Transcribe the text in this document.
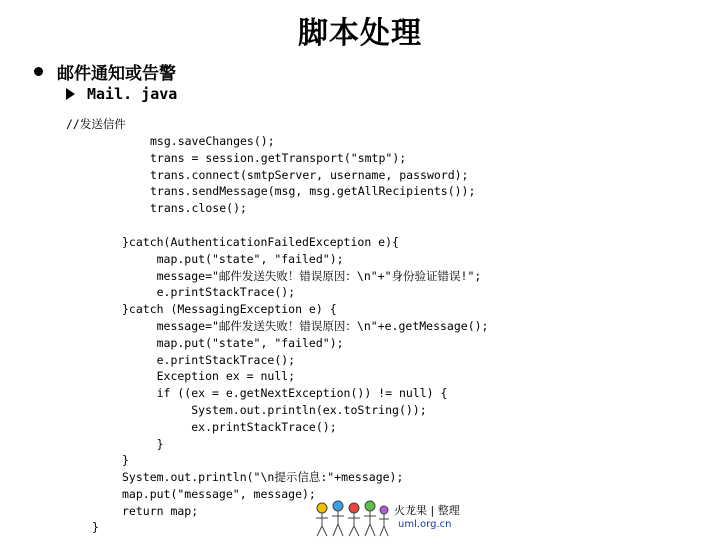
脚本处理
邮件通知或告警
Mail. java
//发送信件
msg.saveChanges();
trans = session.getTransport("smtp");
trans.connect(smtpServer, username, password);
trans.sendMessage(msg, msg.getAllRecipients());
trans.close();
}catch(AuthenticationFailedException e){
map.put("state", "failed");
message="邮件发送失败！错误原因：\n"+"身份验证错误!";
e.printStackTrace();
}catch (MessagingException e) {
message="邮件发送失败！错误原因：\n"+e.getMessage();
map.put("state", "failed");
e.printStackTrace();
Exception ex = null;
if ((ex = e.getNextException()) != null) {
System.out.println(ex.toString());
ex.printStackTrace();
}
}
System.out.println("\n提示信息:"+message);
map.put("message", message);
return map;
}
火龙果 | 整理
uml.org.cn
